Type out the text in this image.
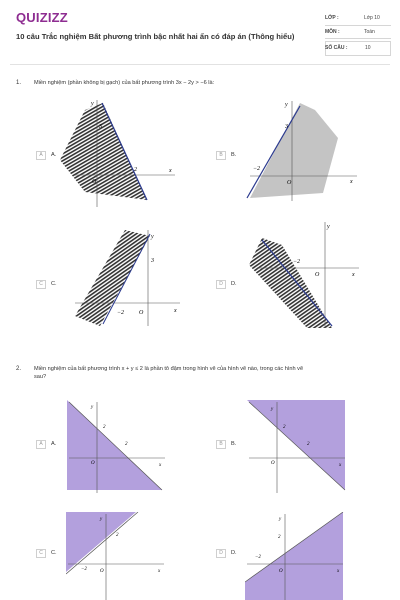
QUIZIZZ
10 câu Trắc nghiệm Bất phương trình bậc nhất hai ẩn có đáp án (Thông hiểu)
LỚP :	Lớp 10
MÔN :	Toán
SỐ CÂU :	10
1. Miền nghiệm (phần không bị gạch) của bất phương trình 3x − 2y > −6 là:
A	A.
y
x
3
2
O
B	B.
y
x
3
−2
O
C	C.
y
x
3
−2 O
D	D.
y
x
−2
O
2. Miền nghiệm của bất phương trình x + y ≤ 2 là phần tô đậm trong hình vẽ của hình vẽ nào, trong các hình vẽ
sau?
A	A.
y
x
2
2
O
B	B.
y
x
2
2
O
C	C.
y
x
2
−2	O
D	D.
y
x
2
−2
O
